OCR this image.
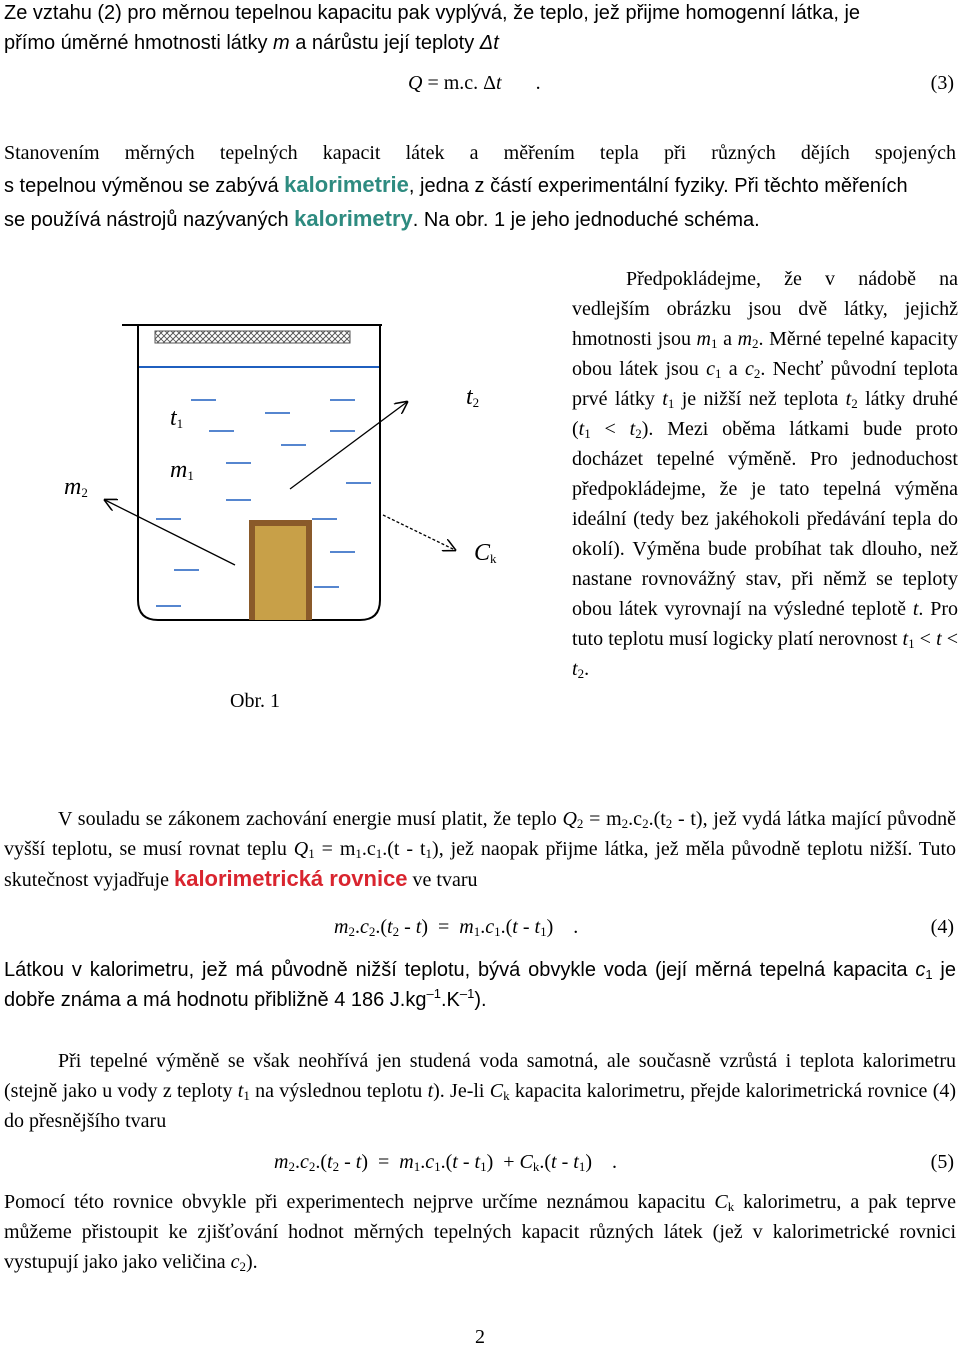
Ze vztahu (2) pro měrnou tepelnou kapacitu pak vyplývá, že teplo, jež přijme homogenní látka, je

přímo úměrné hmotnosti látky m a nárůstu její teploty Δt

Q = m.c. Δt .	(3)

Stanovením měrných tepelných kapacit látek a měřením tepla při různých dějích spojených

s tepelnou výměnou se zabývá kalorimetrie, jedna z částí experimentální fyziky. Při těchto měřeních

se používá nástrojů nazývaných kalorimetry. Na obr. 1 je jeho jednoduché schéma.

$m_2$
$t_1$
$m_1$
$t_2$
$C_k$
Obr. 1

Předpokládejme, že v nádobě na vedlejším obrázku jsou dvě látky, jejichž hmotnosti jsou $m_1$ a $m_2$. Měrné tepelné kapacity obou látek jsou $c_1$ a $c_2$. Nechť původní teplota prvé látky $t_1$ je nižší než teplota $t_2$ látky druhé $(t_1 < t_2)$. Mezi oběma látkami bude proto docházet tepelné výměně. Pro jednoduchost předpokládejme, že je tato tepelná výměna ideální (tedy bez jakéhokoli předávání tepla do okolí). Výměna bude probíhat tak dlouho, než nastane rovnovážný stav, při němž se teploty obou látek vyrovnají na výsledné teplotě t. Pro tuto teplotu musí logicky platí nerovnost $t_1 < t < t_2$.

V souladu se zákonem zachování energie musí platit, že teplo $Q_2 = m_2.c_2.(t_2 - t)$, jež vydá látka mající původně vyšší teplotu, se musí rovnat teplu $Q_1 = m_1.c_1.(t - t_1)$, jež naopak přijme látka, jež měla původně teplotu nižší. Tuto skutečnost vyjadřuje kalorimetrická rovnice ve tvaru

$m_2.c_2.(t_2 - t) = m_1.c_1.(t - t_1)$    .	(4)

Látkou v kalorimetru, jež má původně nižší teplotu, bývá obvykle voda (její měrná tepelná kapacita $c_1$ je dobře známa a má hodnotu přibližně 4 186 $J.kg^{-1}.K^{-1}$).

Při tepelné výměně se však neohřívá jen studená voda samotná, ale současně vzrůstá i teplota kalorimetru (stejně jako u vody z teploty $t_1$ na výslednou teplotu t). Je-li $C_k$ kapacita kalorimetru, přejde kalorimetrická rovnice (4) do přesnějšího tvaru

$m_2.c_2.(t_2 - t) = m_1.c_1.(t - t_1) + C_k.(t - t_1)$    .	(5)

Pomocí této rovnice obvykle při experimentech nejprve určíme neznámou kapacitu $C_k$ kalorimetru, a pak teprve můžeme přistoupit ke zjišťování hodnot měrných tepelných kapacit různých látek (jež v kalorimetrické rovnici vystupují jako jako veličina $c_2$).

2
